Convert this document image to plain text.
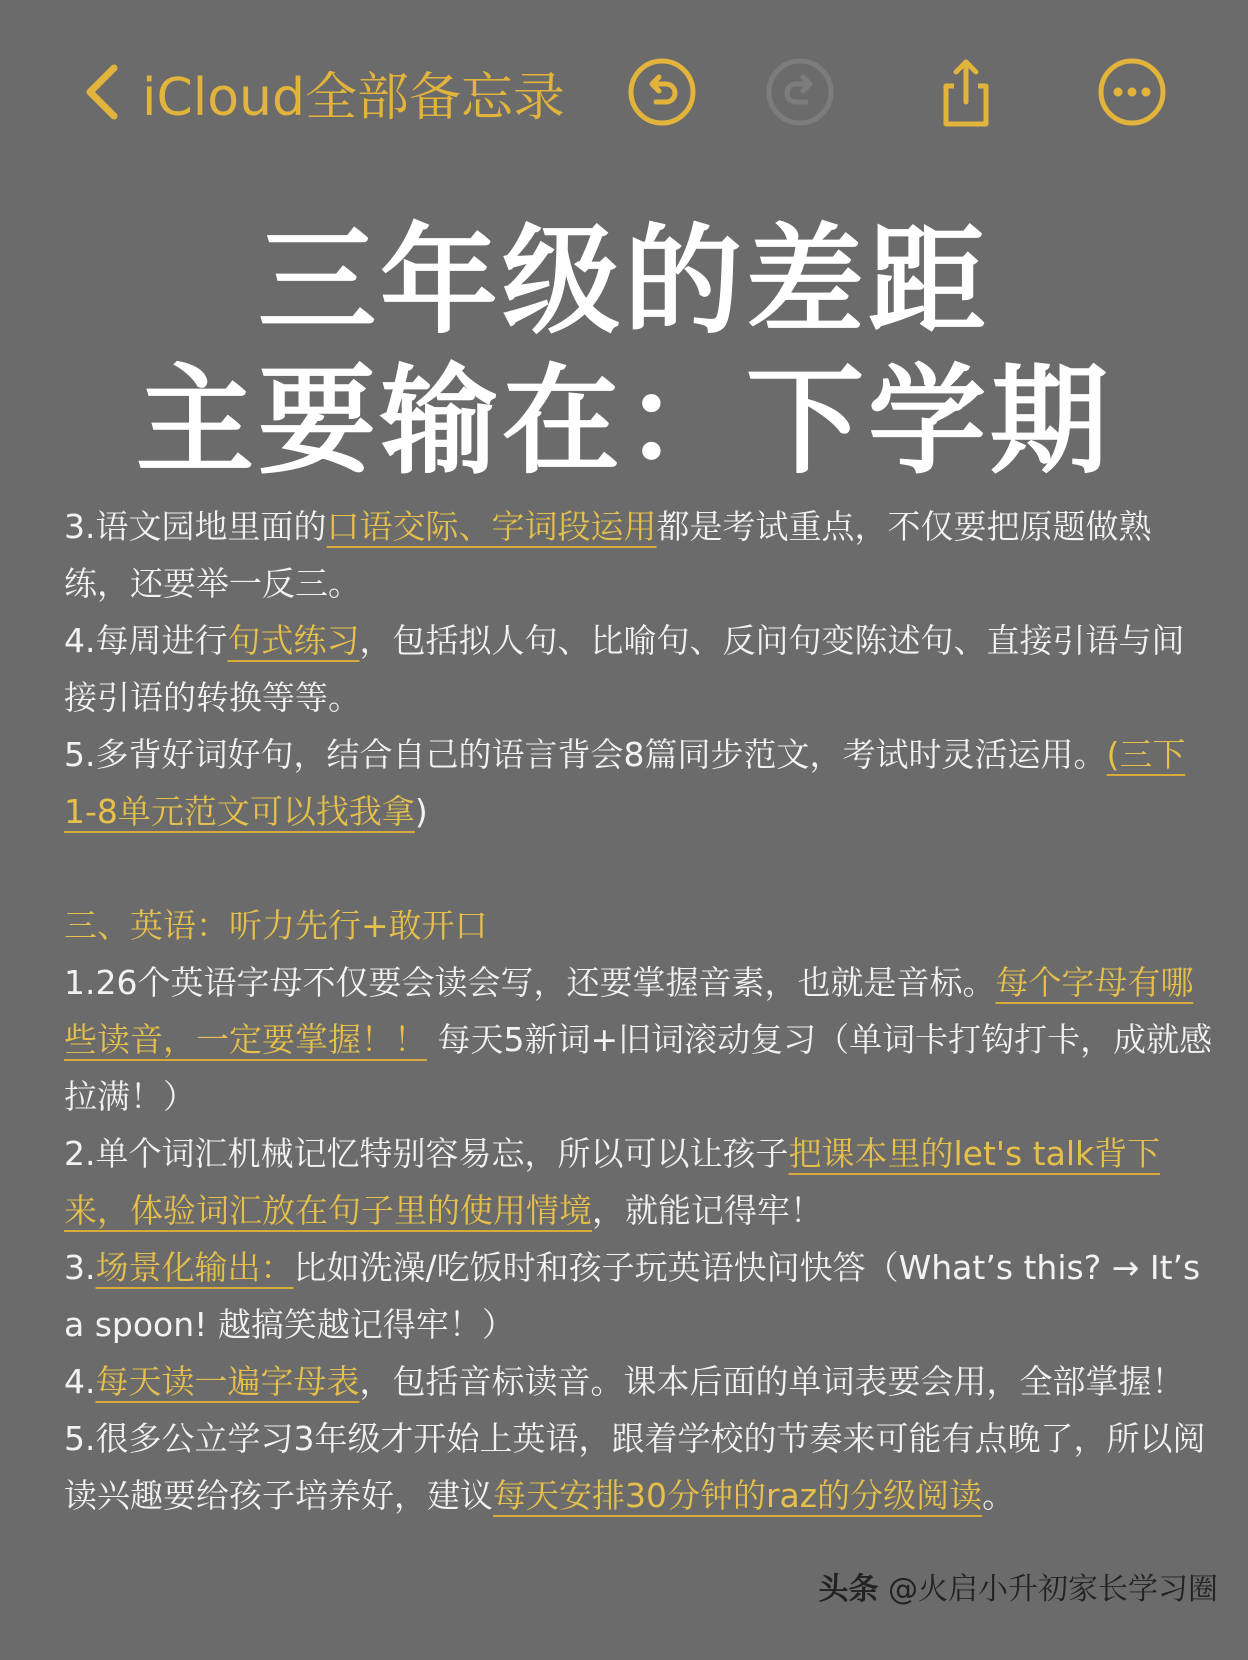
iCloud全部备忘录
三年级的差距
主要输在：下学期

3.语文园地里面的口语交际、字词段运用都是考试重点，不仅要把原题做熟练，还要举一反三。

4.每周进行句式练习，包括拟人句、比喻句、反问句变陈述句、直接引语与间接引语的转换等等。

5.多背好词好句，结合自己的语言背会8篇同步范文，考试时灵活运用。(三下1-8单元范文可以找我拿)

三、英语：听力先行+敢开口

1.26个英语字母不仅要会读会写，还要掌握音素，也就是音标。每个字母有哪些读音，一定要掌握！！ 每天5新词+旧词滚动复习（单词卡打钩打卡，成就感拉满！）

2.单个词汇机械记忆特别容易忘，所以可以让孩子把课本里的let's talk背下来，体验词汇放在句子里的使用情境，就能记得牢！

3.场景化输出：比如洗澡/吃饭时和孩子玩英语快问快答（What’s this? → It’s a spoon! 越搞笑越记得牢！）

4.每天读一遍字母表，包括音标读音。课本后面的单词表要会用，全部掌握！

5.很多公立学习3年级才开始上英语，跟着学校的节奏来可能有点晚了，所以阅读兴趣要给孩子培养好，建议每天安排30分钟的raz的分级阅读。

头条 @火启小升初家长学习圈
